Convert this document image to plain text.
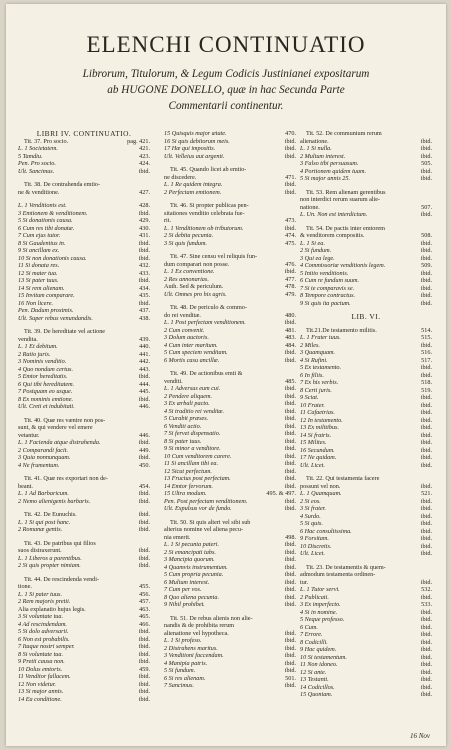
ELENCHI CONTINUATIO
Librorum, Titulorum, & Legum Codicis Justinianei expositarum
ab HUGONE DONELLO, quæ in hac Secunda Parte
Commentarii continentur.
LIBRI IV. CONTINUATIO.
Tit. 37. Pro socio.	pag. 421.
L. 1 Societatem.	421.
5 Tamdiu.	423.
Pen. Pro socio.	424.
Ult. Sancimus.	ibid.
Tit. 38. De contrahenda emtio-
ne & venditione.	427.
L. 1 Venditionis est.	428.
3 Emtionem & venditionem.	ibid.
5 Si donationis causa.	429.
6 Cum res tibi donatæ.	430.
7 Cum ejus tutor.	431.
8 Si Gaudentius in.	ibid.
9 Si ancillam ex.	ibid.
10 Si non donationis causa.	ibid.
11 Si donata res.	432.
12 Si mater tua.	433.
13 Si pater tuus.	ibid.
14 Si rem alienam.	434.
15 Invitum comparare.	435.
16 Non licere.	ibid.
Pen. Dudum proximis.	437.
Ult. Super rebus venundandis.	438.
Tit. 39. De hereditate vel actione
vendita.	439.
L. 1 Et debitum.	440.
2 Ratio juris.	441.
3 Nominis venditio.	442.
4 Quo nondum certus.	443.
5 Emtor hereditatis.	ibid.
6 Qui tibi hereditatem.	444.
7 Postquam eo usque.	445.
8 Ex nominis emtione.	ibid.
Ult. Creti et indubitati.	446.
Tit. 40. Quæ res vænire non pos-
sunt, & qui vendere vel emere
vetantur.	446.
L. 1 Facienda atque distrahenda.	ibid.
2 Comparandi facit.	449.
3 Quia nonnunquam.	ibid.
4 Ne frumentum.	450.
Tit. 41. Quæ res exportari non de-
beant.	454.
L. 1 Ad Barbaricum.	ibid.
2 Nemo alienigenis barbaris.	ibid.
Tit. 42. De Eunuchis.	ibid.
L. 1 Si qui post hanc.	ibid.
2 Romanæ gentis.	ibid.
Tit. 43. De patribus qui filios
suos distraxerunt.	ibid.
L. 1 Liberos a parentibus.	ibid.
2 Si quis propter nimiam.	ibid.
Tit. 44. De rescindenda vendi-
tione.	455.
L. 1 Si pater tuus.	456.
2 Rem majoris pretii.	457.
Alia explanatio hujus legis.	463.
3 Si voluntate tua.	465.
4 Ad rescindendam.	466.
5 Si dolo adversarii.	ibid.
6 Non est probabilis.	ibid.
7 Itaque nostri semper.	ibid.
8 Si voluntate tua.	ibid.
9 Pretii causa non.	ibid.
10 Dolus emtoris.	459.
11 Venditor fallacem.	ibid.
12 Non videtur.	ibid.
13 Si major annis.	ibid.
14 Ea conditione.	ibid.
15 Quisquis major ætate.	470.
16 Si quis debitorum meis.	ibid.
17 Hæ qui impositis.	ibid.
Ult. Velleius aut argenti.	ibid.
Tit. 45. Quando licet ab emtio-
ne discedere.	471.
L. 1 Re quidem integra.	ibid.
2 Perfectam emtionem.	ibid.
Tit. 46. Si propter publicas pen-
sitationes venditio celebrata fue-
rit.	473.
L. 1 Venditionem ob tributorum.	ibid.
2 Si debita pecunia.	474.
3 Si quis fundum.	475.
Tit. 47. Sine censu vel reliquis fun-
dum comparari non posse.	476.
L. 1 Ex conventione.	ibid.
2 Res annonarias.	477.
Auth. Sed & periculum.	478.
Ult. Omnes pro his agris.	479.
Tit. 48. De periculo & commo-
do rei venditæ.	480.
L. 1 Post perfectam venditionem.	ibid.
2 Cum convenit.	481.
3 Dolum auctoris.	483.
4 Cum inter maritum.	484.
5 Cum speciem venditam.	ibid.
6 Mortis casu ancillæ.	ibid.
Tit. 49. De actionibus emti &
venditi.	485.
L. 1 Adversus eum cui.	ibid.
2 Pendere aliquem.	ibid.
3 Ex ærbali pacto.	ibid.
4 Si traditio rei venditæ.	ibid.
5 Curabit præses.	ibid.
6 Venditi actio.	ibid.
7 Si fervet dispensatio.	ibid.
8 Si pater tuus.	ibid.
9 Si minor a venditore.	ibid.
10 Cum venditorem carere.	ibid.
11 Si ancillam tibi ea.	ibid.
12 Sicut perfectum.	ibid.
13 Fructus post perfectam.	ibid.
14 Emtor fervorum.	ibid.
15 Ultra modum.	495. & 497.
Pen. Post perfectam venditionem.	ibid.
Ult. Expulsus vor de fundo.	ibid.
Tit. 50. Si quis alteri vel sibi sub
alterius nomine vel aliena pecu-
nia emerit.	498.
L. 1 Si pecunia pateri.	ibid.
2 Si emancipati tabs.	ibid.
3 Mancipia quorum.	ibid.
4 Quamvis instrumentum.	ibid.
5 Cum propria pecunia.	ibid.
6 Mulium interest.	ibid.
7 Cum per vos.	ibid.
8 Quo aliena pecunia.	ibid.
9 Nihil prohibet.	ibid.
Tit. 51. De rebus alienis non alie-
nandis & de prohibita rerum
alienatione vel hypotheca.	ibid.
L. 1 Si profeso.	ibid.
2 Distrahens maritus.	ibid.
3 Venditioni faccendam.	ibid.
4 Manipia patris.	ibid.
5 Si fundum.	ibid.
6 Si res alienam.	501.
7 Sancimus.	ibid.
Tit. 52. De communium rerum
alienatione.	ibid.
L. 1 Si nulla.	ibid.
2 Multum interest.	ibid.
3 Falso tibi persuasum.	505.
4 Portionem quidem tuam.	ibid.
5 Si major annis 25.	ibid.
Tit. 53. Rem alienam gerentibus
non interdici rerum suarum alie-
natione.	507.
L. Un. Non est interdictum.	ibid.
Tit. 54. De pactis inter emtorem
& venditorem compositis.	508.
L. 1 Si ea.	ibid.
2 Si fundum.	ibid.
3 Qui ea lege.	ibid.
4 Commissoriæ venditionis legem.	509.
5 Initio venditionis.	ibid.
6 Cum re fundum suum.	ibid.
7 Si te comparavis se.	ibid.
8 Tempore contractus.	ibid.
9 Si quis ita pactum.	ibid.
LIB. VI.
Tit.21.De testamento militis.	514.
L. 1 Frater tuus.	515.
2 Miles.	ibid.
3 Quamquam.	516.
4 Si Rufini.	517.
5 Ex testamento.	ibid.
6 In filiis.	ibid.
7 Ex his verbis.	518.
8 Certi juris.	519.
9 Sciat.	ibid.
10 Frater.	ibid.
11 Cafaetrias.	ibid.
12 In testamento.	ibid.
13 Ex militibus.	ibid.
14 Si fratris.	ibid.
15 Milites.	ibid.
16 Secundum.	ibid.
17 Ne quidam.	ibid.
Ult. Licet.	ibid.
Tit. 22. Qui testamenta facere
possunt vel non.	ibid.
L. 1 Quamquam.	521.
2 Si eos.	ibid.
3 Si frater.	ibid.
4 Surdo.	ibid.
5 Si quis.	ibid.
6 Hac consultissima.	ibid.
9 Forsitam.	ibid.
10 Discretis.	ibid.
Ult. Licet.	ibid.
Tit. 23. De testamentis & quem-
admodum testamenta ordinen-
tur.	ibid.
L. 1 Tutor servi.	532.
2 Publicati.	ibid.
3 Ex imperfecto.	533.
4 Si in nomine.	ibid.
5 Neque professo.	ibid.
6 Cum.	ibid.
7 Errore.	ibid.
8 Codicilli.	ibid.
9 Hac quidem.	ibid.
10 Si testamentum.	ibid.
11 Non idoneo.	ibid.
12 Si ante.	ibid.
13 Testanti.	ibid.
14 Codicillos.	ibid.
15 Quoniam.	ibid.
16 Nov
